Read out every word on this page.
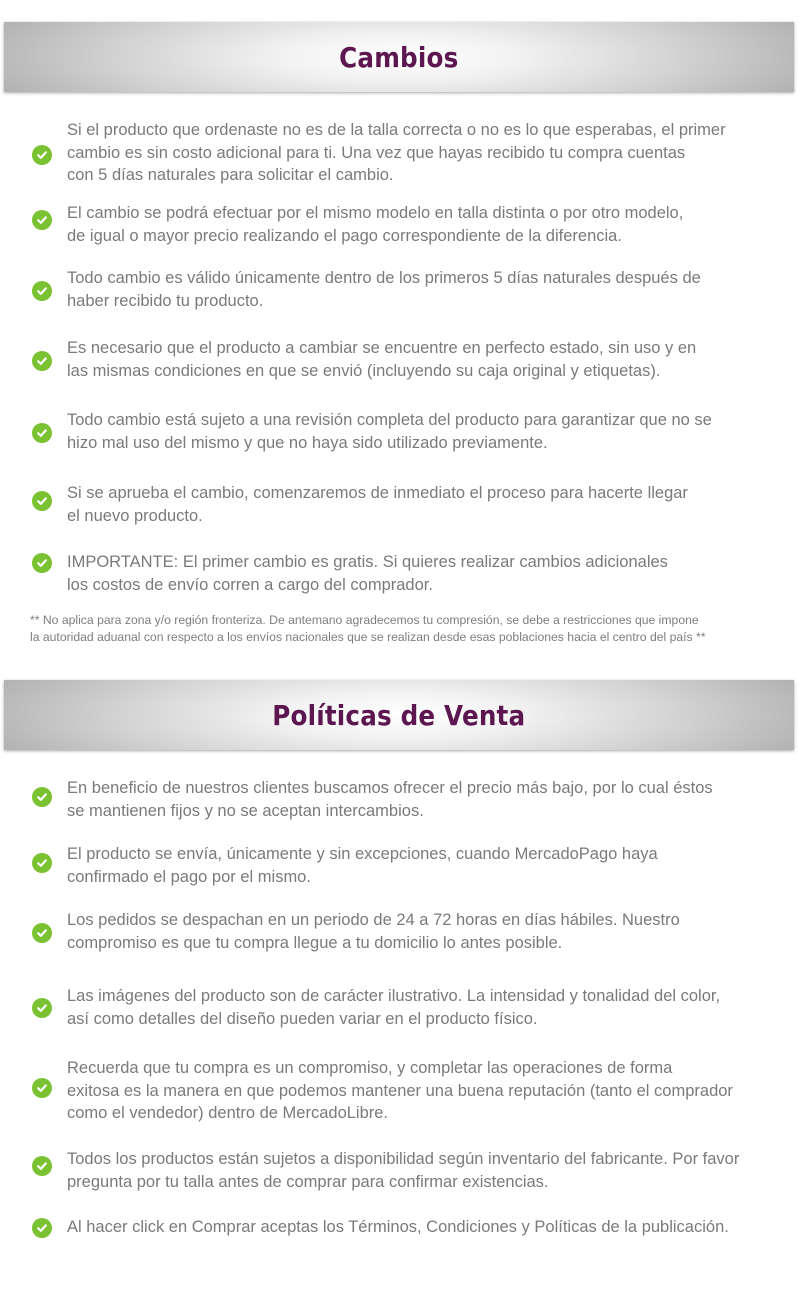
Cambios
Si el producto que ordenaste no es de la talla correcta o no es lo que esperabas, el primer
cambio es sin costo adicional para ti. Una vez que hayas recibido tu compra cuentas
con 5 días naturales para solicitar el cambio.
El cambio se podrá efectuar por el mismo modelo en talla distinta o por otro modelo,
de igual o mayor precio realizando el pago correspondiente de la diferencia.
Todo cambio es válido únicamente dentro de los primeros 5 días naturales después de
haber recibido tu producto.
Es necesario que el producto a cambiar se encuentre en perfecto estado, sin uso y en
las mismas condiciones en que se envió (incluyendo su caja original y etiquetas).
Todo cambio está sujeto a una revisión completa del producto para garantizar que no se
hizo mal uso del mismo y que no haya sido utilizado previamente.
Si se aprueba el cambio, comenzaremos de inmediato el proceso para hacerte llegar
el nuevo producto.
IMPORTANTE: El primer cambio es gratis. Si quieres realizar cambios adicionales
los costos de envío corren a cargo del comprador.
** No aplica para zona y/o región fronteriza. De antemano agradecemos tu compresión, se debe a restricciones que impone
la autoridad aduanal con respecto a los envíos nacionales que se realizan desde esas poblaciones hacia el centro del país **
Políticas de Venta
En beneficio de nuestros clientes buscamos ofrecer el precio más bajo, por lo cual éstos
se mantienen fijos y no se aceptan intercambios.
El producto se envía, únicamente y sin excepciones, cuando MercadoPago haya
confirmado el pago por el mismo.
Los pedidos se despachan en un periodo de 24 a 72 horas en días hábiles. Nuestro
compromiso es que tu compra llegue a tu domicilio lo antes posible.
Las imágenes del producto son de carácter ilustrativo. La intensidad y tonalidad del color,
así como detalles del diseño pueden variar en el producto físico.
Recuerda que tu compra es un compromiso, y completar las operaciones de forma
exitosa es la manera en que podemos mantener una buena reputación (tanto el comprador
como el vendedor) dentro de MercadoLibre.
Todos los productos están sujetos a disponibilidad según inventario del fabricante. Por favor
pregunta por tu talla antes de comprar para confirmar existencias.
Al hacer click en Comprar aceptas los Términos, Condiciones y Políticas de la publicación.
